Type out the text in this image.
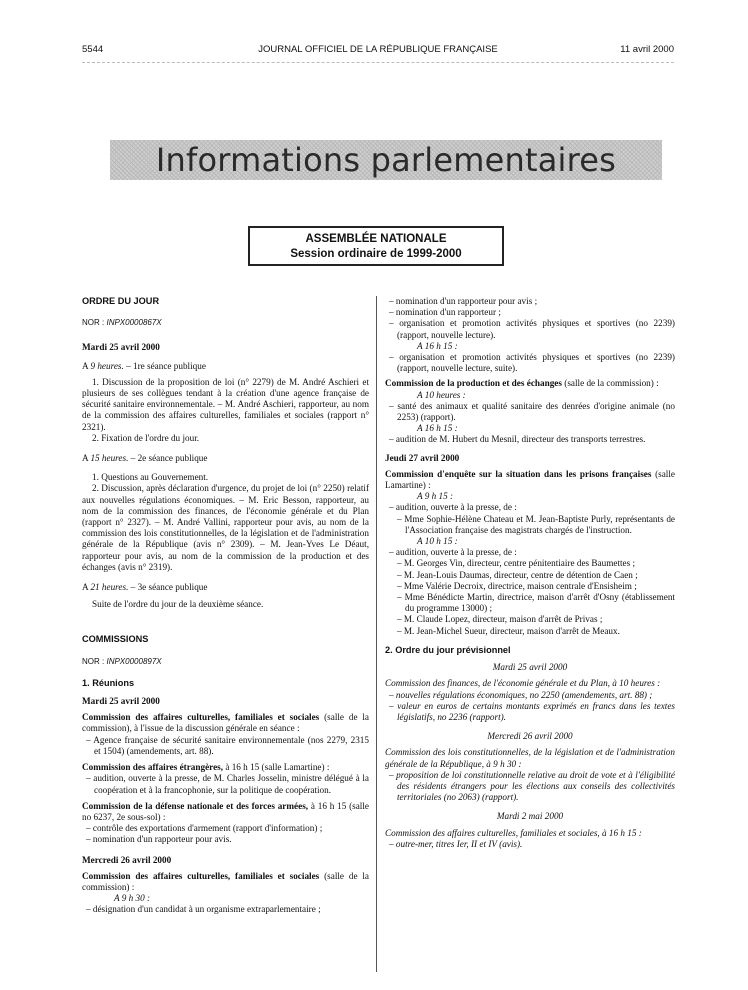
5544	JOURNAL OFFICIEL DE LA RÉPUBLIQUE FRANÇAISE	11 avril 2000
Informations parlementaires
ASSEMBLÉE NATIONALE
Session ordinaire de 1999-2000

ORDRE DU JOUR

NOR : INPX0000867X

Mardi 25 avril 2000

A 9 heures. – 1re séance publique

1. Discussion de la proposition de loi (n° 2279) de M. André Aschieri et plusieurs de ses collègues tendant à la création d'une agence française de sécurité sanitaire environnementale. – M. André Aschieri, rapporteur, au nom de la commission des affaires culturelles, familiales et sociales (rapport n° 2321).

2. Fixation de l'ordre du jour.

A 15 heures. – 2e séance publique

1. Questions au Gouvernement.

2. Discussion, après déclaration d'urgence, du projet de loi (n° 2250) relatif aux nouvelles régulations économiques. – M. Eric Besson, rapporteur, au nom de la commission des finances, de l'économie générale et du Plan (rapport n° 2327). – M. André Vallini, rapporteur pour avis, au nom de la commission des lois constitutionnelles, de la législation et de l'administration générale de la République (avis n° 2309). – M. Jean-Yves Le Déaut, rapporteur pour avis, au nom de la commission de la production et des échanges (avis n° 2319).

A 21 heures. – 3e séance publique

Suite de l'ordre du jour de la deuxième séance.

COMMISSIONS

NOR : INPX0000897X

1. Réunions

Mardi 25 avril 2000

Commission des affaires culturelles, familiales et sociales (salle de la commission), à l'issue de la discussion générale en séance :

– Agence française de sécurité sanitaire environnementale (nos 2279, 2315 et 1504) (amendements, art. 88).

Commission des affaires étrangères, à 16 h 15 (salle Lamartine) :

– audition, ouverte à la presse, de M. Charles Josselin, ministre délégué à la coopération et à la francophonie, sur la politique de coopération.

Commission de la défense nationale et des forces armées, à 16 h 15 (salle no 6237, 2e sous-sol) :

– contrôle des exportations d'armement (rapport d'information) ;

– nomination d'un rapporteur pour avis.

Mercredi 26 avril 2000

Commission des affaires culturelles, familiales et sociales (salle de la commission) :

A 9 h 30 :

– désignation d'un candidat à un organisme extraparlementaire ;

– nomination d'un rapporteur pour avis ;

– nomination d'un rapporteur ;

– organisation et promotion activités physiques et sportives (no 2239) (rapport, nouvelle lecture).

A 16 h 15 :

– organisation et promotion activités physiques et sportives (no 2239) (rapport, nouvelle lecture, suite).

Commission de la production et des échanges (salle de la commission) :

A 10 heures :

– santé des animaux et qualité sanitaire des denrées d'origine animale (no 2253) (rapport).

A 16 h 15 :

– audition de M. Hubert du Mesnil, directeur des transports terrestres.

Jeudi 27 avril 2000

Commission d'enquête sur la situation dans les prisons françaises (salle Lamartine) :

A 9 h 15 :

– audition, ouverte à la presse, de :

– Mme Sophie-Hélène Chateau et M. Jean-Baptiste Purly, représentants de l'Association française des magistrats chargés de l'instruction.

A 10 h 15 :

– audition, ouverte à la presse, de :

– M. Georges Vin, directeur, centre pénitentiaire des Baumettes ;

– M. Jean-Louis Daumas, directeur, centre de détention de Caen ;

– Mme Valérie Decroix, directrice, maison centrale d'Ensisheim ;

– Mme Bénédicte Martin, directrice, maison d'arrêt d'Osny (établissement du programme 13000) ;

– M. Claude Lopez, directeur, maison d'arrêt de Privas ;

– M. Jean-Michel Sueur, directeur, maison d'arrêt de Meaux.

2. Ordre du jour prévisionnel

Mardi 25 avril 2000

Commission des finances, de l'économie générale et du Plan, à 10 heures :

– nouvelles régulations économiques, no 2250 (amendements, art. 88) ;

– valeur en euros de certains montants exprimés en francs dans les textes législatifs, no 2236 (rapport).

Mercredi 26 avril 2000

Commission des lois constitutionnelles, de la législation et de l'administration générale de la République, à 9 h 30 :

– proposition de loi constitutionnelle relative au droit de vote et à l'éligibilité des résidents étrangers pour les élections aux conseils des collectivités territoriales (no 2063) (rapport).

Mardi 2 mai 2000

Commission des affaires culturelles, familiales et sociales, à 16 h 15 :

– outre-mer, titres Ier, II et IV (avis).
